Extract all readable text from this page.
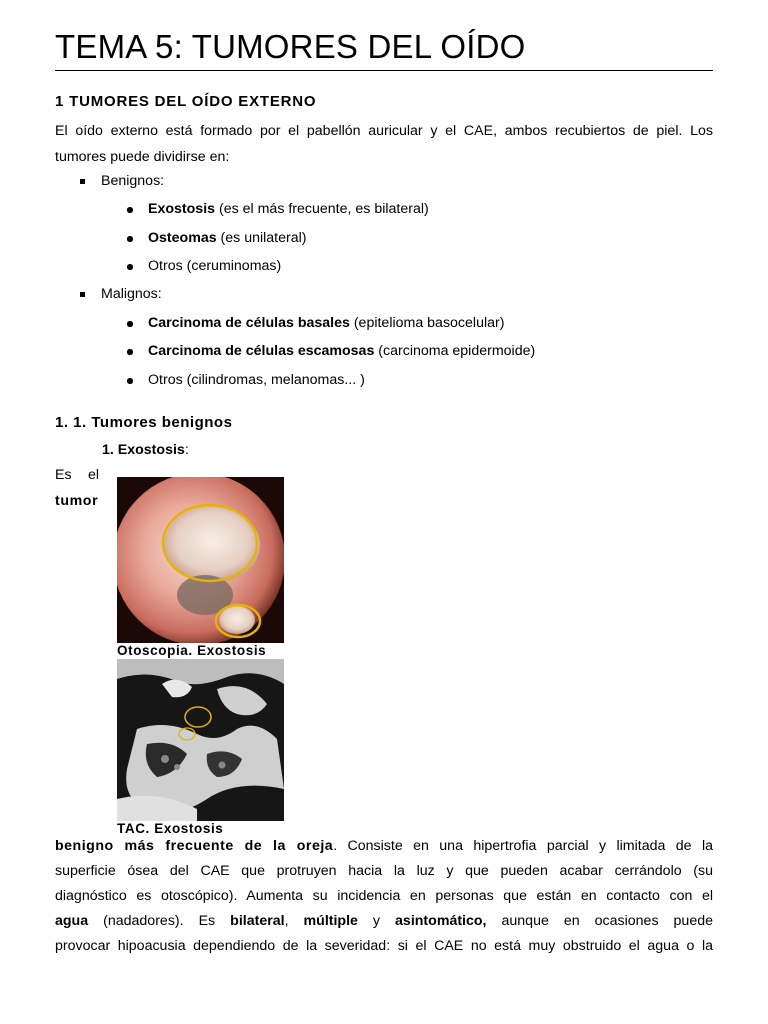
TEMA 5: TUMORES DEL OÍDO
1 TUMORES DEL OÍDO EXTERNO

El oído externo está formado por el pabellón auricular y el CAE, ambos recubiertos de piel. Los

tumores puede dividirse en:

Benignos:
Exostosis (es el más frecuente, es bilateral)
Osteomas (es unilateral)
Otros (ceruminomas)
Malignos:
Carcinoma de células basales (epitelioma basocelular)
Carcinoma de células escamosas (carcinoma epidermoide)
Otros (cilindromas, melanomas... )
1. 1. Tumores benignos
1. Exostosis:
Es el
tumor
Otoscopia. Exostosis
TAC. Exostosis

benigno más frecuente de la oreja. Consiste en una hipertrofia parcial y limitada de la

superficie ósea del CAE que protruyen hacia la luz y que pueden acabar cerrándolo (su

diagnóstico es otoscópico). Aumenta su incidencia en personas que están en contacto con el

agua (nadadores). Es bilateral, múltiple y asintomático, aunque en ocasiones puede

provocar hipoacusia dependiendo de la severidad: si el CAE no está muy obstruido el agua o la
